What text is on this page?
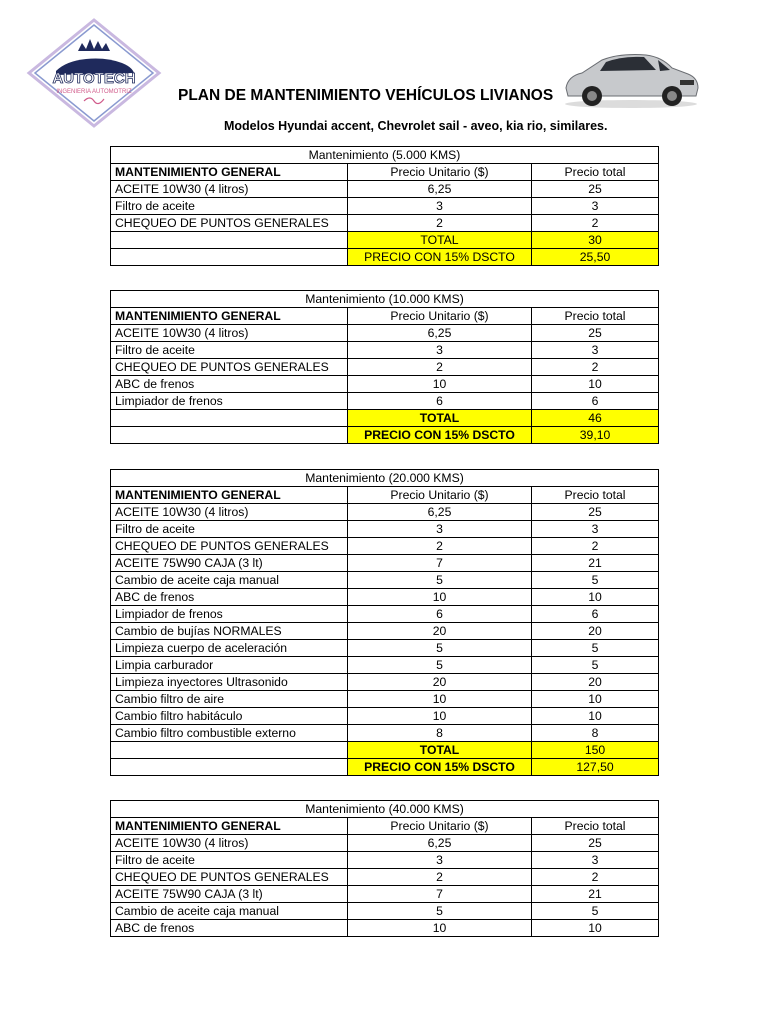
AUTOTECH
INGENIERIA AUTOMOTRIZ	PLAN DE MANTENIMIENTO VEHÍCULOS LIVIANOS
Modelos Hyundai accent, Chevrolet sail - aveo, kia rio, similares.
Mantenimiento (5.000 KMS)		
MANTENIMIENTO GENERAL	Precio Unitario ($)	Precio total
ACEITE 10W30 (4 litros)	6,25	25
Filtro de aceite	3	3
CHEQUEO DE PUNTOS GENERALES	2	2
	TOTAL	30
	PRECIO CON 15% DSCTO	25,50
Mantenimiento (10.000 KMS)		
MANTENIMIENTO GENERAL	Precio Unitario ($)	Precio total
ACEITE 10W30 (4 litros)	6,25	25
Filtro de aceite	3	3
CHEQUEO DE PUNTOS GENERALES	2	2
ABC de frenos	10	10
Limpiador de frenos	6	6
	TOTAL	46
	PRECIO CON 15% DSCTO	39,10
Mantenimiento (20.000 KMS)		
MANTENIMIENTO GENERAL	Precio Unitario ($)	Precio total
ACEITE 10W30 (4 litros)	6,25	25
Filtro de aceite	3	3
CHEQUEO DE PUNTOS GENERALES	2	2
ACEITE 75W90 CAJA (3 lt)	7	21
Cambio de aceite caja manual	5	5
ABC de frenos	10	10
Limpiador de frenos	6	6
Cambio de bujías NORMALES	20	20
Limpieza cuerpo de aceleración	5	5
Limpia carburador	5	5
Limpieza inyectores Ultrasonido	20	20
Cambio filtro de aire	10	10
Cambio filtro habitáculo	10	10
Cambio filtro combustible externo	8	8
	TOTAL	150
	PRECIO CON 15% DSCTO	127,50
Mantenimiento (40.000 KMS)		
MANTENIMIENTO GENERAL	Precio Unitario ($)	Precio total
ACEITE 10W30 (4 litros)	6,25	25
Filtro de aceite	3	3
CHEQUEO DE PUNTOS GENERALES	2	2
ACEITE 75W90 CAJA (3 lt)	7	21
Cambio de aceite caja manual	5	5
ABC de frenos	10	10
